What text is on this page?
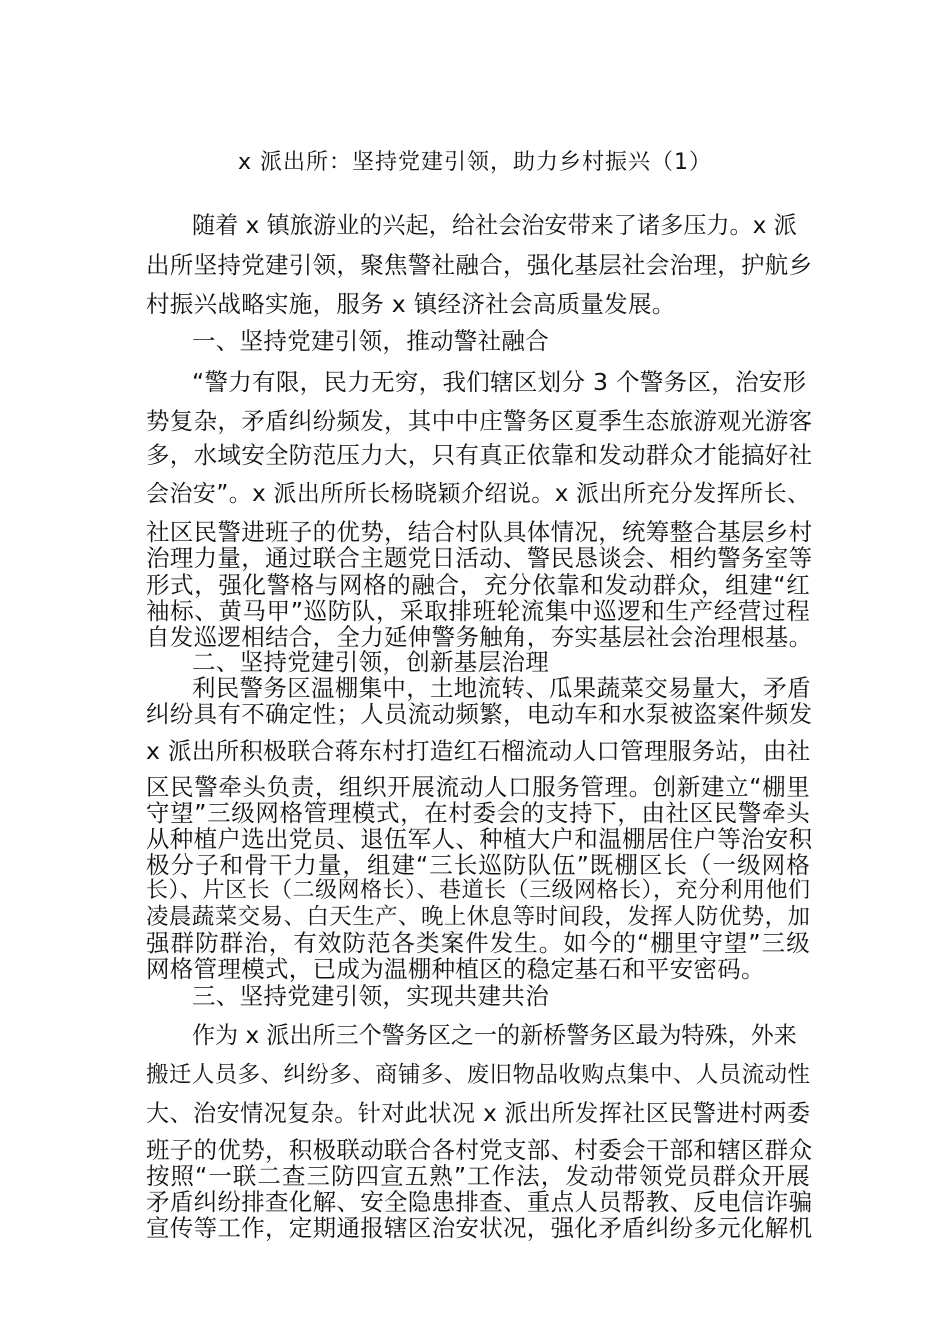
x 派出所：坚持党建引领，助力乡村振兴（1）
随着 x 镇旅游业的兴起，给社会治安带来了诸多压力。x 派
出所坚持党建引领，聚焦警社融合，强化基层社会治理，护航乡
村振兴战略实施，服务 x 镇经济社会高质量发展。
一、坚持党建引领，推动警社融合
“警力有限，民力无穷，我们辖区划分 3 个警务区，治安形
势复杂，矛盾纠纷频发，其中中庄警务区夏季生态旅游观光游客
多，水域安全防范压力大，只有真正依靠和发动群众才能搞好社
会治安”。x 派出所所长杨晓颖介绍说。x 派出所充分发挥所长、
社区民警进班子的优势，结合村队具体情况，统筹整合基层乡村
治理力量，通过联合主题党日活动、警民恳谈会、相约警务室等
形式，强化警格与网格的融合，充分依靠和发动群众，组建“红
袖标、黄马甲”巡防队，采取排班轮流集中巡逻和生产经营过程
自发巡逻相结合，全力延伸警务触角，夯实基层社会治理根基。
二、坚持党建引领，创新基层治理
利民警务区温棚集中，土地流转、瓜果蔬菜交易量大，矛盾
纠纷具有不确定性；人员流动频繁，电动车和水泵被盗案件频发
x 派出所积极联合蒋东村打造红石榴流动人口管理服务站，由社
区民警牵头负责，组织开展流动人口服务管理。创新建立“棚里
守望”三级网格管理模式，在村委会的支持下，由社区民警牵头
从种植户选出党员、退伍军人、种植大户和温棚居住户等治安积
极分子和骨干力量，组建“三长巡防队伍”既棚区长（一级网格
长）、片区长（二级网格长）、巷道长（三级网格长），充分利用他们
凌晨蔬菜交易、白天生产、晚上休息等时间段，发挥人防优势，加
强群防群治，有效防范各类案件发生。如今的“棚里守望”三级
网格管理模式，已成为温棚种植区的稳定基石和平安密码。
三、坚持党建引领，实现共建共治
作为 x 派出所三个警务区之一的新桥警务区最为特殊，外来
搬迁人员多、纠纷多、商铺多、废旧物品收购点集中、人员流动性
大、治安情况复杂。针对此状况 x 派出所发挥社区民警进村两委
班子的优势，积极联动联合各村党支部、村委会干部和辖区群众
按照“一联二查三防四宣五熟”工作法，发动带领党员群众开展
矛盾纠纷排查化解、安全隐患排查、重点人员帮教、反电信诈骗
宣传等工作，定期通报辖区治安状况，强化矛盾纠纷多元化解机
